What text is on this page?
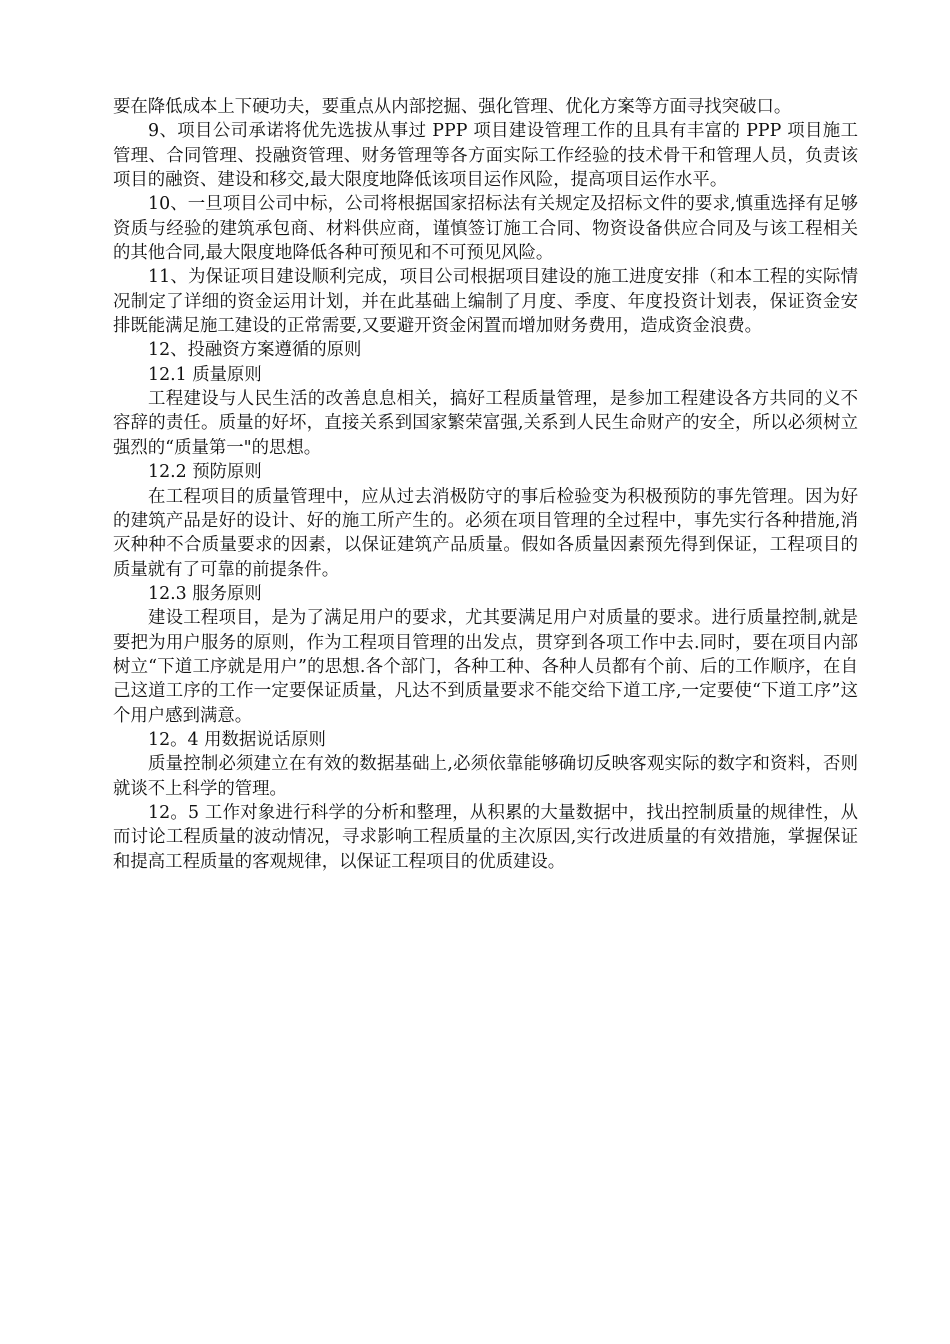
要在降低成本上下硬功夫，要重点从内部挖掘、强化管理、优化方案等方面寻找突破口。

9、项目公司承诺将优先选拔从事过 PPP 项目建设管理工作的且具有丰富的 PPP 项目施工管理、合同管理、投融资管理、财务管理等各方面实际工作经验的技术骨干和管理人员，负责该项目的融资、建设和移交,最大限度地降低该项目运作风险，提高项目运作水平。

10、一旦项目公司中标，公司将根据国家招标法有关规定及招标文件的要求,慎重选择有足够资质与经验的建筑承包商、材料供应商，谨慎签订施工合同、物资设备供应合同及与该工程相关的其他合同,最大限度地降低各种可预见和不可预见风险。

11、为保证项目建设顺利完成，项目公司根据项目建设的施工进度安排（和本工程的实际情况制定了详细的资金运用计划，并在此基础上编制了月度、季度、年度投资计划表，保证资金安排既能满足施工建设的正常需要,又要避开资金闲置而增加财务费用，造成资金浪费。

12、投融资方案遵循的原则

12.1 质量原则

工程建设与人民生活的改善息息相关，搞好工程质量管理，是参加工程建设各方共同的义不容辞的责任。质量的好坏，直接关系到国家繁荣富强,关系到人民生命财产的安全，所以必须树立强烈的“质量第一"的思想。

12.2 预防原则

在工程项目的质量管理中，应从过去消极防守的事后检验变为积极预防的事先管理。因为好的建筑产品是好的设计、好的施工所产生的。必须在项目管理的全过程中，事先实行各种措施,消灭种种不合质量要求的因素，以保证建筑产品质量。假如各质量因素预先得到保证，工程项目的质量就有了可靠的前提条件。

12.3 服务原则

建设工程项目，是为了满足用户的要求，尤其要满足用户对质量的要求。进行质量控制,就是要把为用户服务的原则，作为工程项目管理的出发点，贯穿到各项工作中去.同时，要在项目内部树立“下道工序就是用户”的思想.各个部门，各种工种、各种人员都有个前、后的工作顺序，在自己这道工序的工作一定要保证质量，凡达不到质量要求不能交给下道工序,一定要使“下道工序”这个用户感到满意。

12。4 用数据说话原则

质量控制必须建立在有效的数据基础上,必须依靠能够确切反映客观实际的数字和资料，否则就谈不上科学的管理。

12。5 工作对象进行科学的分析和整理，从积累的大量数据中，找出控制质量的规律性，从而讨论工程质量的波动情况，寻求影响工程质量的主次原因,实行改进质量的有效措施，掌握保证和提高工程质量的客观规律，以保证工程项目的优质建设。
